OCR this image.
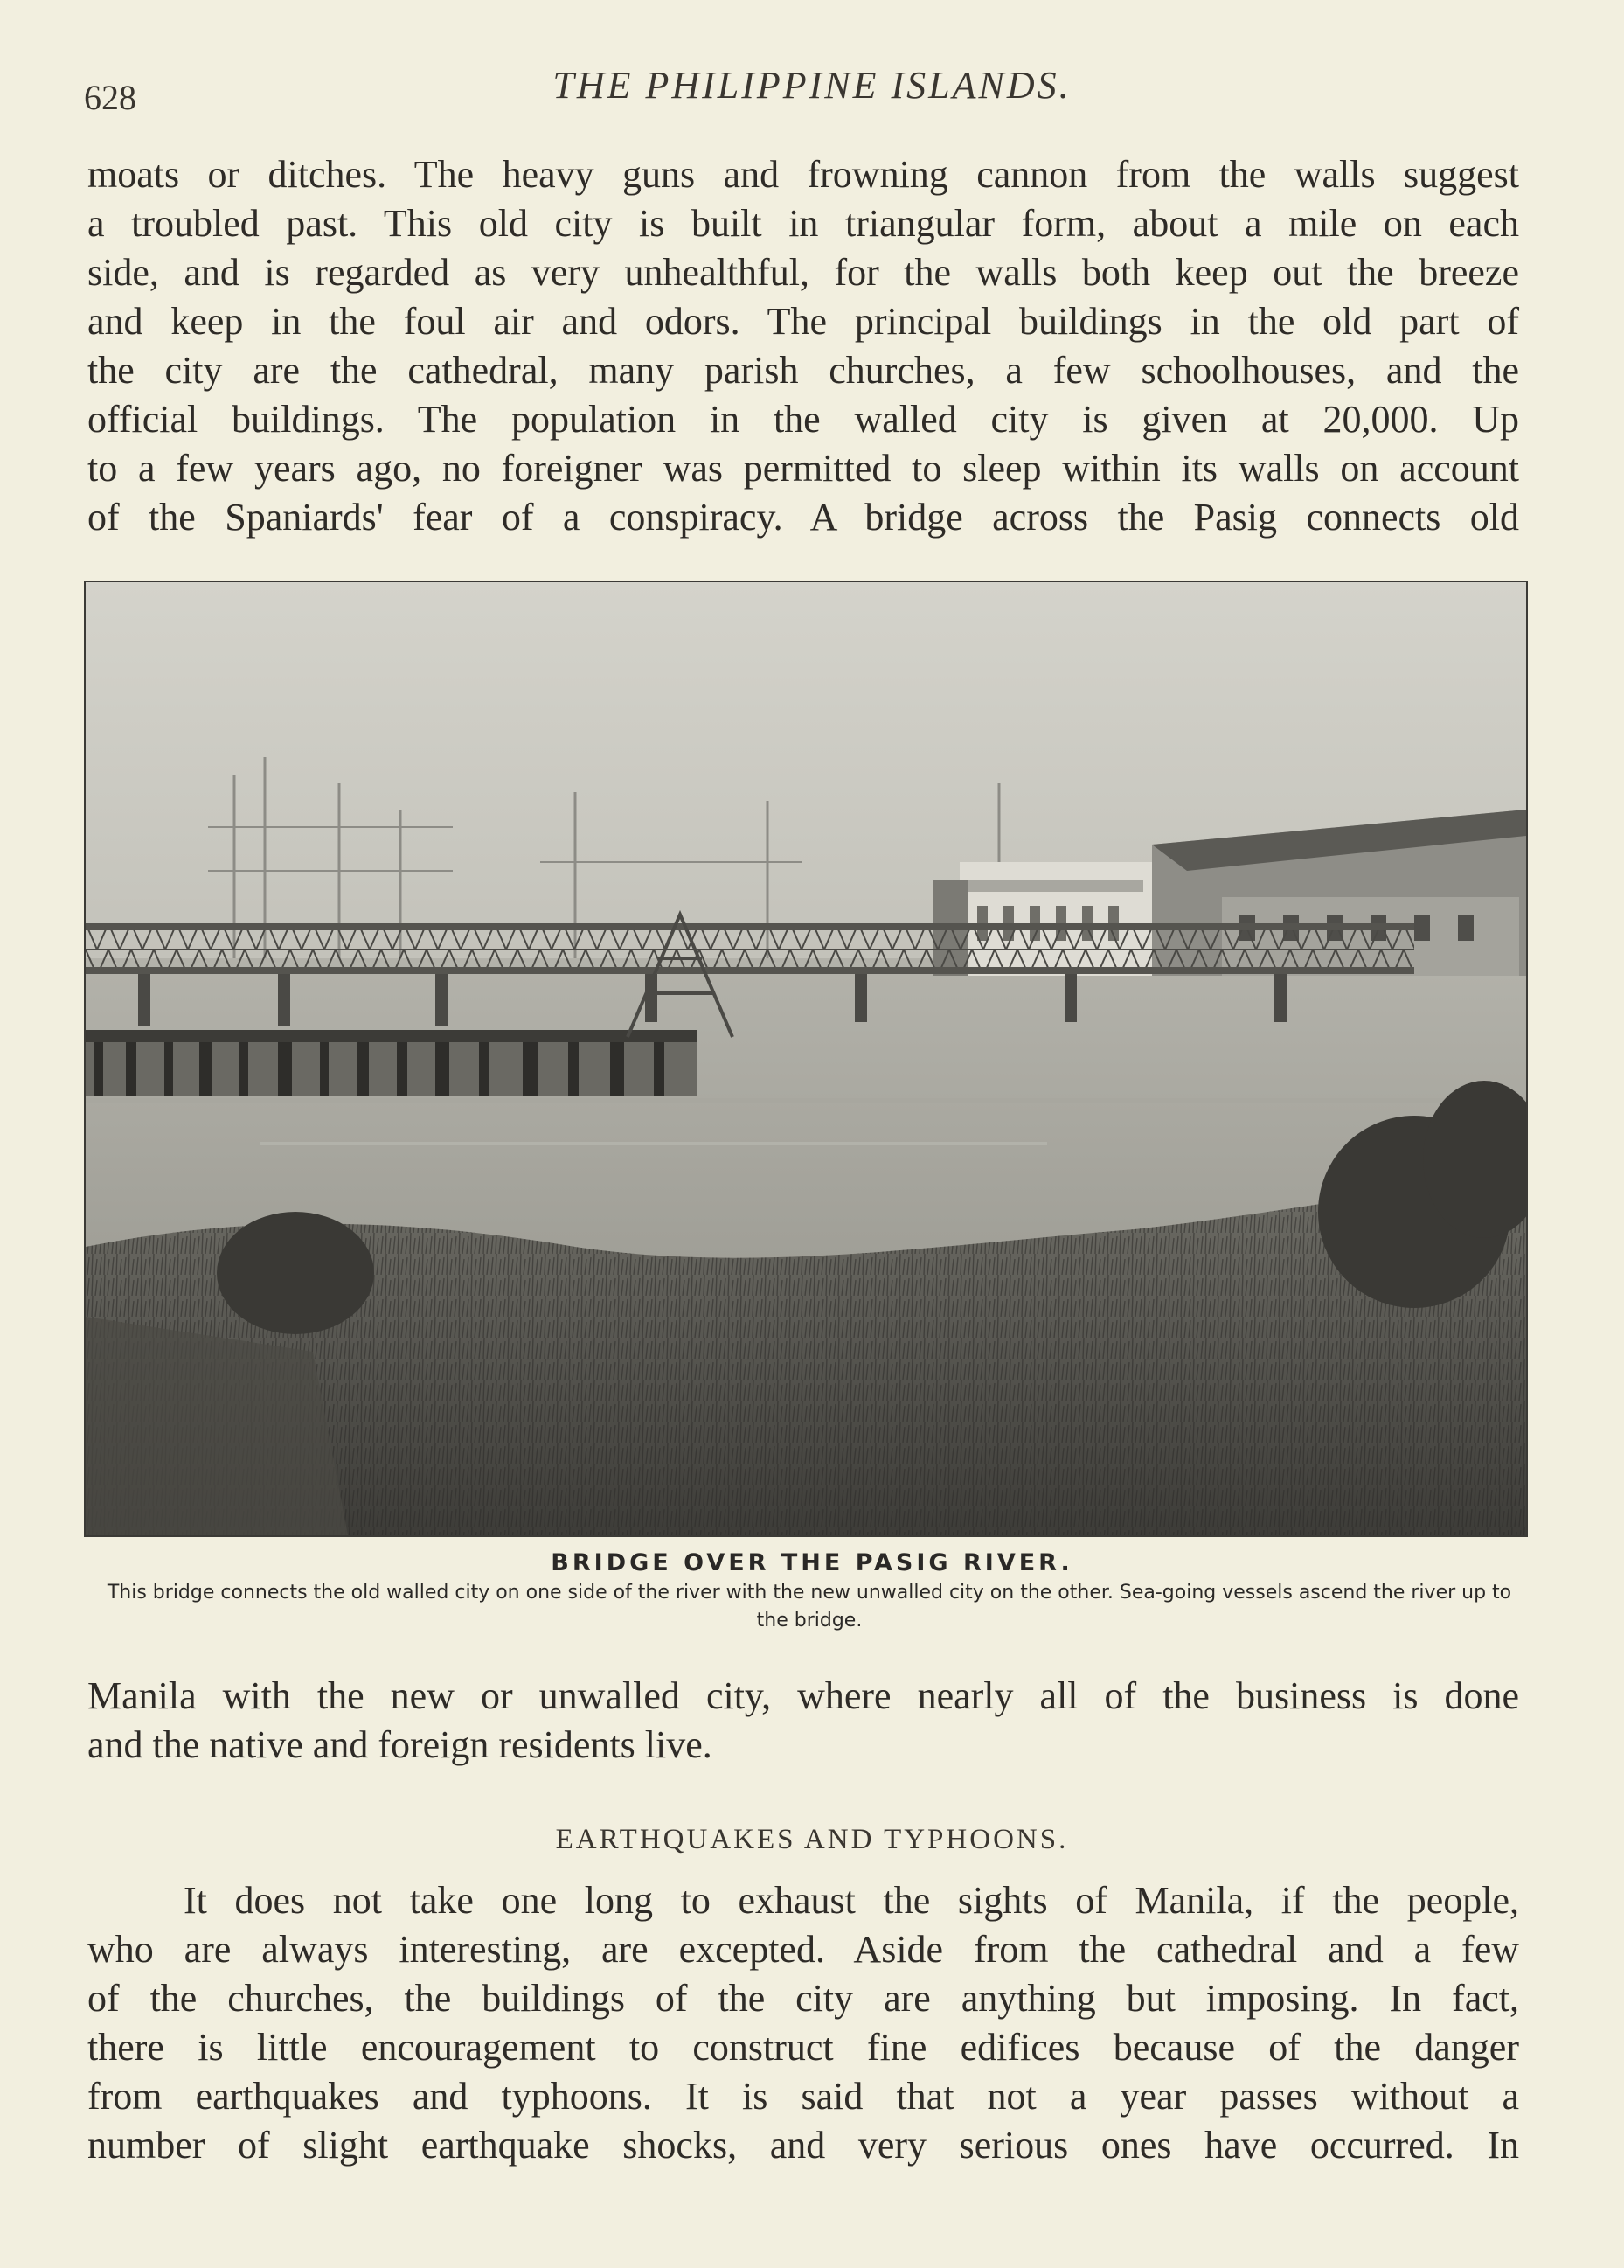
628	THE PHILIPPINE ISLANDS.
moats or ditches. The heavy guns and frowning cannon from the walls suggest
a troubled past. This old city is built in triangular form, about a mile on each
side, and is regarded as very unhealthful, for the walls both keep out the breeze
and keep in the foul air and odors. The principal buildings in the old part of
the city are the cathedral, many parish churches, a few schoolhouses, and the
official buildings. The population in the walled city is given at 20,000. Up
to a few years ago, no foreigner was permitted to sleep within its walls on account
of the Spaniards' fear of a conspiracy. A bridge across the Pasig connects old
BRIDGE OVER THE PASIG RIVER.
This bridge connects the old walled city on one side of the river with the new unwalled city on the other. Sea-going vessels ascend the river up to the bridge.
Manila with the new or unwalled city, where nearly all of the business is done
and the native and foreign residents live.
EARTHQUAKES AND TYPHOONS.
It does not take one long to exhaust the sights of Manila, if the people,
who are always interesting, are excepted. Aside from the cathedral and a few
of the churches, the buildings of the city are anything but imposing. In fact,
there is little encouragement to construct fine edifices because of the danger
from earthquakes and typhoons. It is said that not a year passes without a
number of slight earthquake shocks, and very serious ones have occurred. In
